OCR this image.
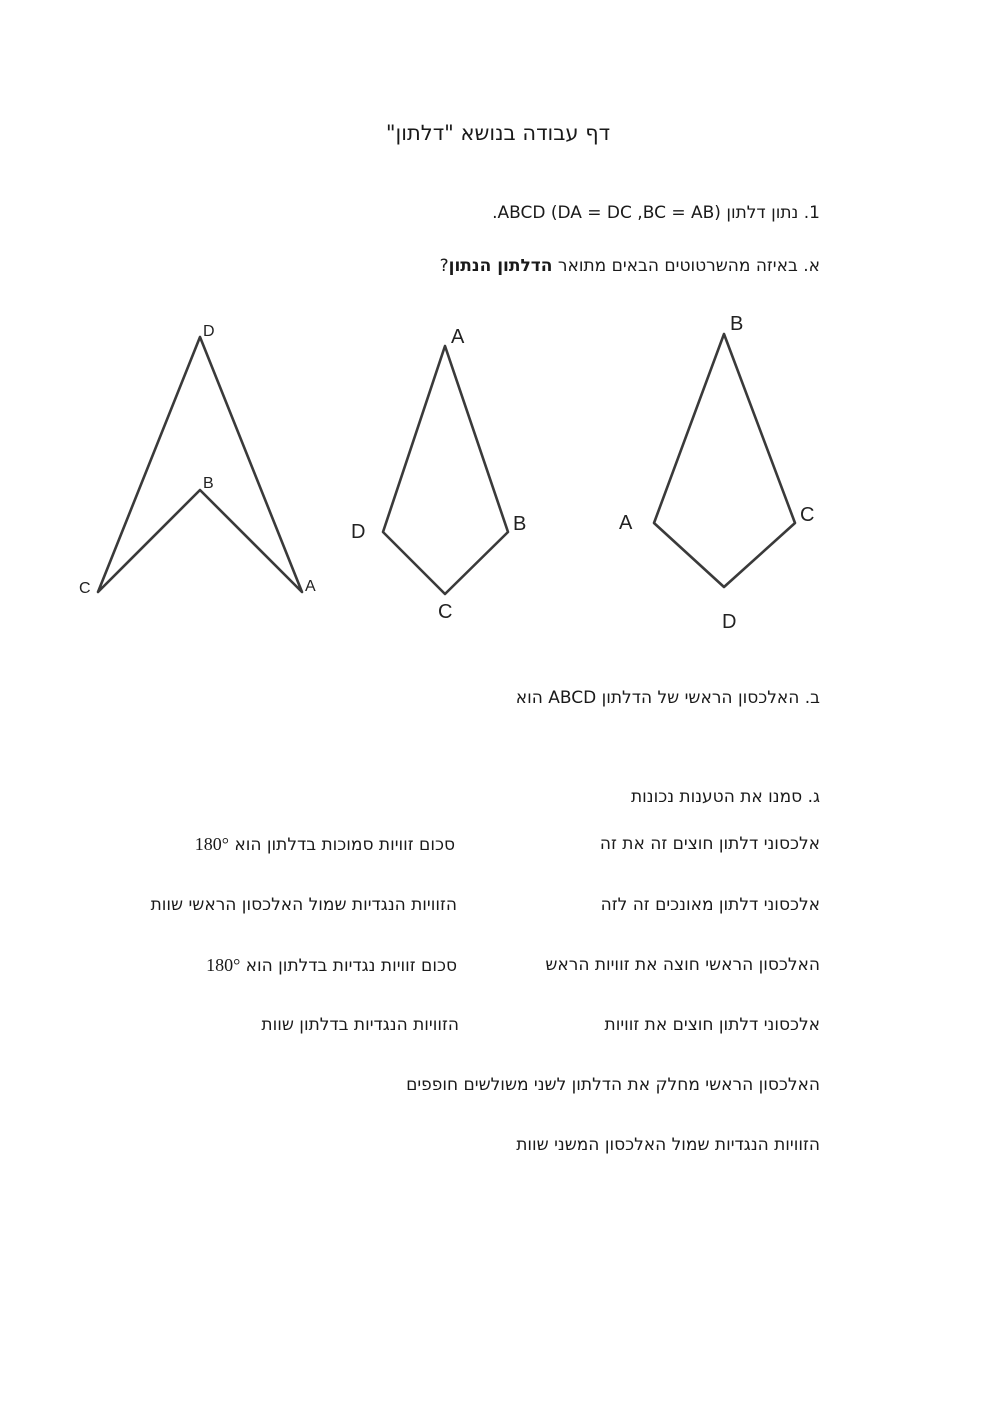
דף עבודה בנושא "דלתון"
1. נתון דלתון ABCD (DA = DC ,BC = AB).
א. באיזה מהשרטוטים הבאים מתואר הדלתון הנתון?
D
B
C	A
A
D	B
C
B
A	C
D
ב. האלכסון הראשי של הדלתון ABCD הוא
ג. סמנו את הטענות נכונות
אלכסוני דלתון חוצים זה את זה
אלכסוני דלתון מאונכים זה לזה
האלכסון הראשי חוצה את זוויות הראש
אלכסוני דלתון חוצים את זוויות
האלכסון הראשי מחלק את הדלתון לשני משולשים חופפים
הזוויות הנגדיות שמול האלכסון המשני שוות
סכום זוויות סמוכות בדלתון הוא 180°
הזוויות הנגדיות שמול האלכסון הראשי שוות
סכום זוויות נגדיות בדלתון הוא 180°
הזוויות הנגדיות בדלתון שוות
